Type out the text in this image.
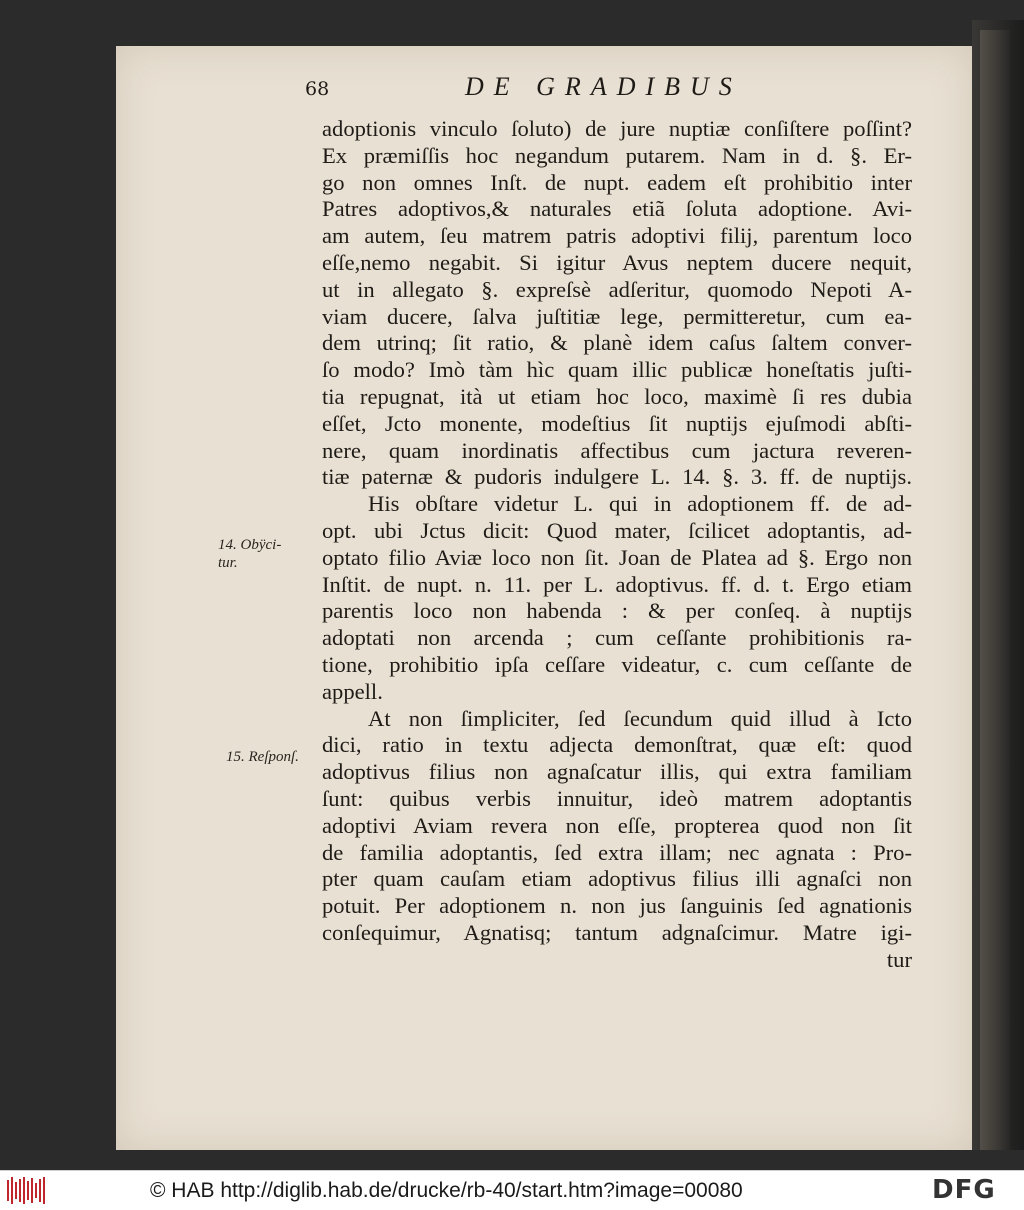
68	DE GRADIBUS
14. Obÿci-
tur.
15. Reſponſ.
adoptionis vinculo ſoluto) de jure nuptiæ conſiſtere poſſint?
Ex præmiſſis hoc negandum putarem. Nam in d. §. Er-
go non omnes Inſt. de nupt. eadem eſt prohibitio inter
Patres adoptivos,& naturales etiã ſoluta adoptione. Avi-
am autem, ſeu matrem patris adoptivi filij, parentum loco
eſſe,nemo negabit. Si igitur Avus neptem ducere nequit,
ut in allegato §. expreſsè adſeritur, quomodo Nepoti A-
viam ducere, ſalva juſtitiæ lege, permitteretur, cum ea-
dem utrinq; ſit ratio, & planè idem caſus ſaltem conver-
ſo modo? Imò tàm hìc quam illic publicæ honeſtatis juſti-
tia repugnat, ità ut etiam hoc loco, maximè ſi res dubia
eſſet, Jcto monente, modeſtius ſit nuptijs ejuſmodi abſti-
nere, quam inordinatis affectibus cum jactura reveren-
tiæ paternæ & pudoris indulgere L. 14. §. 3. ff. de nuptijs.
His obſtare videtur L. qui in adoptionem ff. de ad-
opt. ubi Jctus dicit: Quod mater, ſcilicet adoptantis, ad-
optato filio Aviæ loco non ſit. Joan de Platea ad §. Ergo non
Inſtit. de nupt. n. 11. per L. adoptivus. ff. d. t. Ergo etiam
parentis loco non habenda : & per conſeq. à nuptijs
adoptati non arcenda ; cum ceſſante prohibitionis ra-
tione, prohibitio ipſa ceſſare videatur, c. cum ceſſante de
appell.
At non ſimpliciter, ſed ſecundum quid illud à Icto
dici, ratio in textu adjecta demonſtrat, quæ eſt: quod
adoptivus filius non agnaſcatur illis, qui extra familiam
ſunt: quibus verbis innuitur, ideò matrem adoptantis
adoptivi Aviam revera non eſſe, propterea quod non ſit
de familia adoptantis, ſed extra illam; nec agnata : Pro-
pter quam cauſam etiam adoptivus filius illi agnaſci non
potuit. Per adoptionem n. non jus ſanguinis ſed agnationis
conſequimur, Agnatisq; tantum adgnaſcimur. Matre igi-
tur
© HAB http://diglib.hab.de/drucke/rb-40/start.htm?image=00080	DFG
